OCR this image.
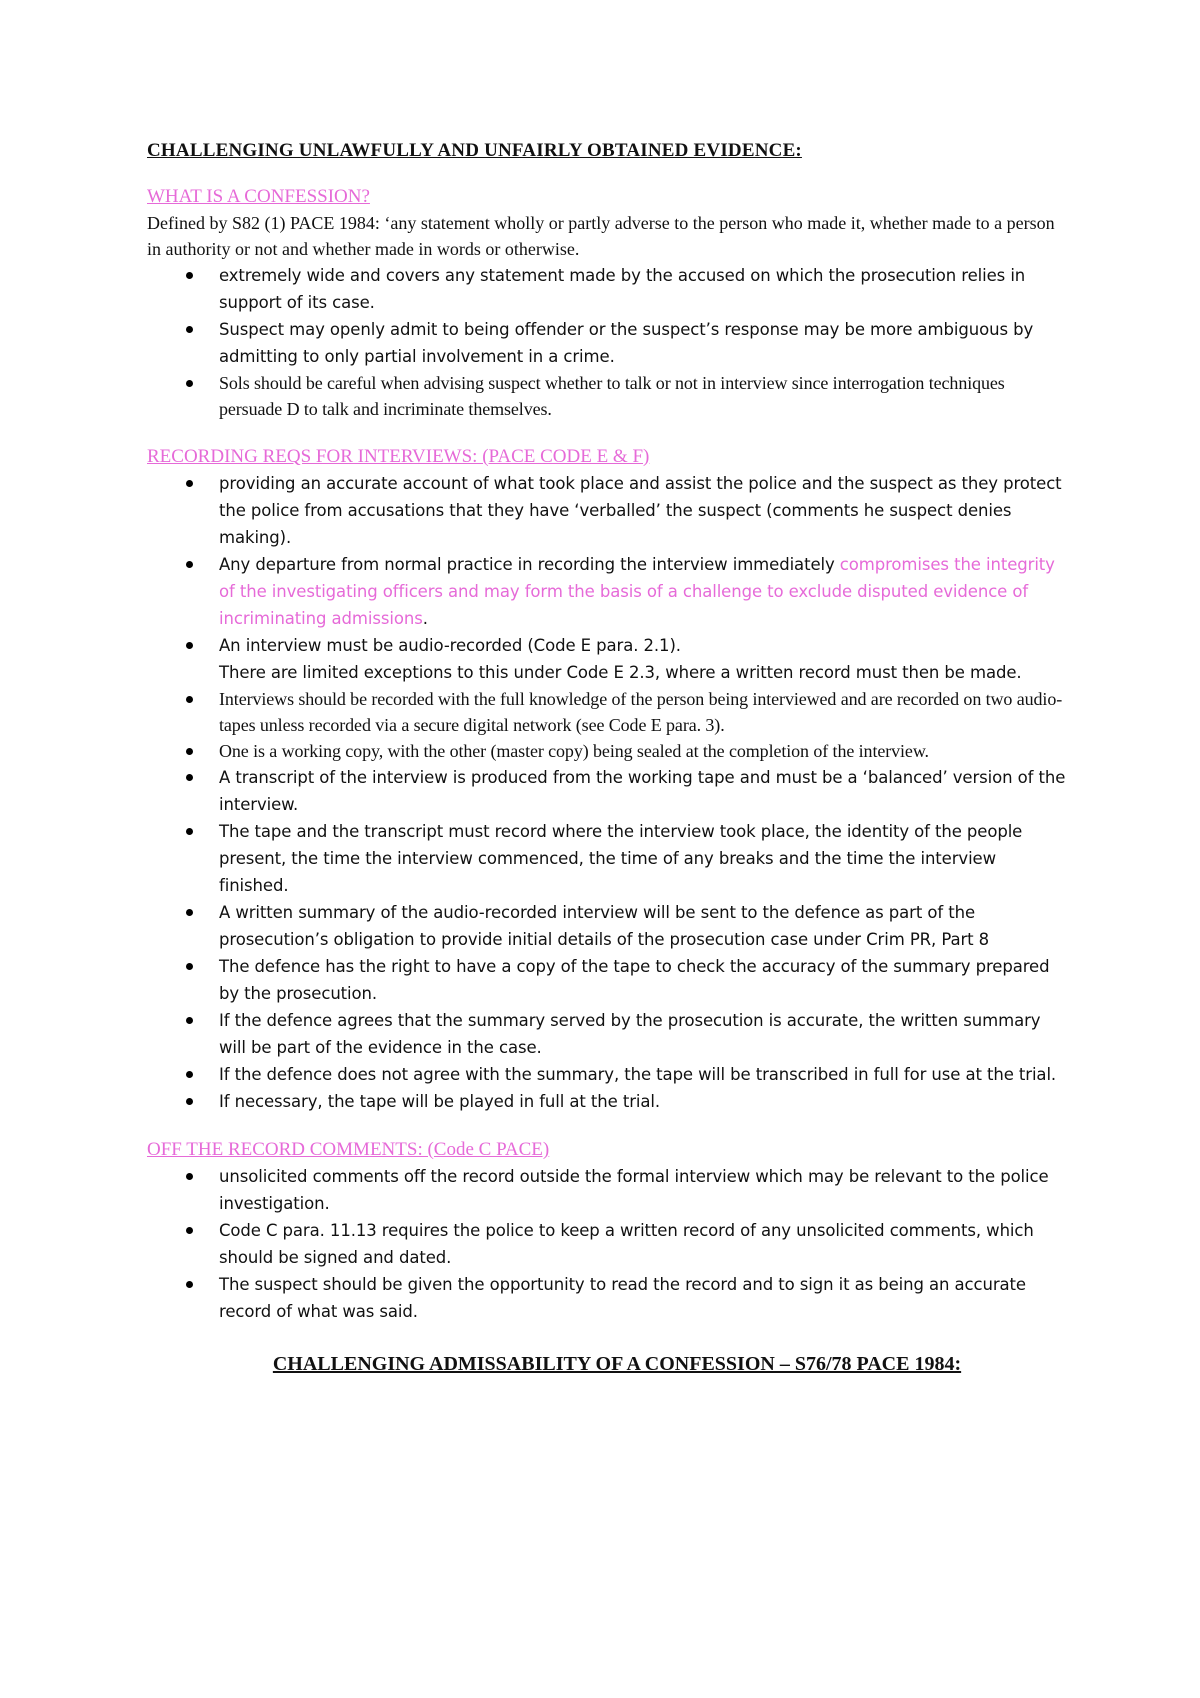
CHALLENGING UNLAWFULLY AND UNFAIRLY OBTAINED EVIDENCE:

WHAT IS A CONFESSION?

Defined by S82 (1) PACE 1984: ‘any statement wholly or partly adverse to the person who made it, whether made to a person in authority or not and whether made in words or otherwise.

extremely wide and covers any statement made by the accused on which the prosecution relies in support of its case.
Suspect may openly admit to being offender or the suspect’s response may be more ambiguous by admitting to only partial involvement in a crime.
Sols should be careful when advising suspect whether to talk or not in interview since interrogation techniques persuade D to talk and incriminate themselves.

RECORDING REQS FOR INTERVIEWS: (PACE CODE E & F)

providing an accurate account of what took place and assist the police and the suspect as they protect the police from accusations that they have ‘verballed’ the suspect (comments he suspect denies making).
Any departure from normal practice in recording the interview immediately compromises the integrity of the investigating officers and may form the basis of a challenge to exclude disputed evidence of incriminating admissions.
An interview must be audio-recorded (Code E para. 2.1).
There are limited exceptions to this under Code E 2.3, where a written record must then be made.
Interviews should be recorded with the full knowledge of the person being interviewed and are recorded on two audio-tapes unless recorded via a secure digital network (see Code E para. 3).
One is a working copy, with the other (master copy) being sealed at the completion of the interview.
A transcript of the interview is produced from the working tape and must be a ‘balanced’ version of the interview.
The tape and the transcript must record where the interview took place, the identity of the people present, the time the interview commenced, the time of any breaks and the time the interview finished.
A written summary of the audio-recorded interview will be sent to the defence as part of the prosecution’s obligation to provide initial details of the prosecution case under Crim PR, Part 8
The defence has the right to have a copy of the tape to check the accuracy of the summary prepared by the prosecution.
If the defence agrees that the summary served by the prosecution is accurate, the written summary will be part of the evidence in the case.
If the defence does not agree with the summary, the tape will be transcribed in full for use at the trial.
If necessary, the tape will be played in full at the trial.

OFF THE RECORD COMMENTS: (Code C PACE)

unsolicited comments off the record outside the formal interview which may be relevant to the police investigation.
Code C para. 11.13 requires the police to keep a written record of any unsolicited comments, which should be signed and dated.
The suspect should be given the opportunity to read the record and to sign it as being an accurate record of what was said.

CHALLENGING ADMISSABILITY OF A CONFESSION – S76/78 PACE 1984:
